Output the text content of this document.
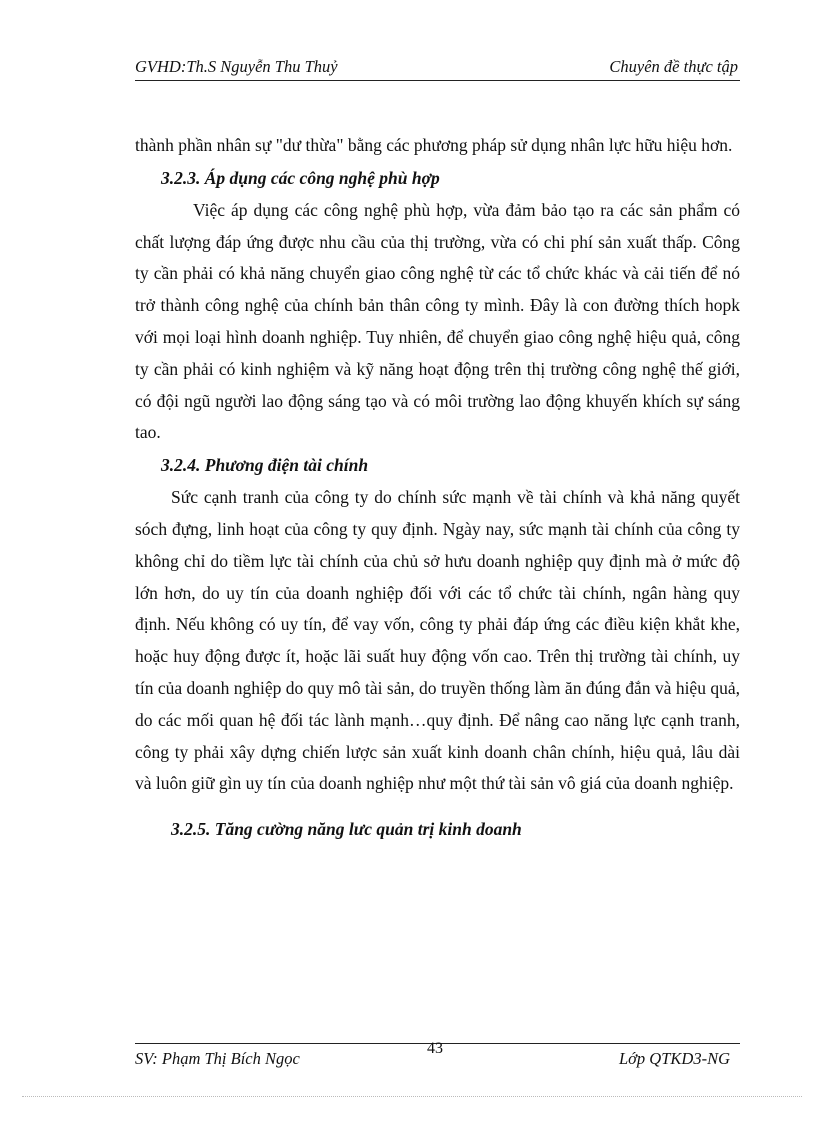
GVHD:Th.S Nguyễn Thu Thuỷ	Chuyên đề thực tập

thành phần nhân sự "dư thừa" bằng các phương pháp sử dụng nhân lực hữu hiệu hơn.

3.2.3. Áp dụng các công nghệ phù hợp

Việc áp dụng các công nghệ phù hợp, vừa đảm bảo tạo ra các sản phẩm có chất lượng đáp ứng được nhu cầu của thị trường, vừa có chi phí sản xuất thấp. Công ty cần phải có khả năng chuyển giao công nghệ từ các tổ chức khác và cải tiến để nó trở thành công nghệ của chính bản thân công ty mình. Đây là con đường thích hopk với mọi loại hình doanh nghiệp. Tuy nhiên, để chuyển giao công nghệ hiệu quả, công ty cần phải có kinh nghiệm và kỹ năng hoạt động trên thị trường công nghệ thế giới, có đội ngũ người lao động sáng tạo và có môi trường lao động khuyến khích sự sáng tao.

3.2.4. Phương điện tài chính

Sức cạnh tranh của công ty do chính sức mạnh về tài chính và khả năng quyết sóch đựng, linh hoạt của công ty quy định. Ngày nay, sức mạnh tài chính của công ty không chỉ do tiềm lực tài chính của chủ sở hưu doanh nghiệp quy định mà ở mức độ lớn hơn, do uy tín của doanh nghiệp đối với các tổ chức tài chính, ngân hàng quy định. Nếu không có uy tín, để vay vốn, công ty phải đáp ứng các điều kiện khắt khe, hoặc huy động được ít, hoặc lãi suất huy động vốn cao. Trên thị trường tài chính, uy tín của doanh nghiệp do quy mô tài sản, do truyền thống làm ăn đúng đắn và hiệu quả, do các mối quan hệ đối tác lành mạnh…quy định. Để nâng cao năng lực cạnh tranh, công ty phải xây dựng chiến lược sản xuất kinh doanh chân chính, hiệu quả, lâu dài và luôn giữ gìn uy tín của doanh nghiệp như một thứ tài sản vô giá của doanh nghiệp.

3.2.5. Tăng cường năng lưc quản trị kinh doanh

SV: Phạm Thị Bích Ngọc
43
Lớp QTKD3-NG
